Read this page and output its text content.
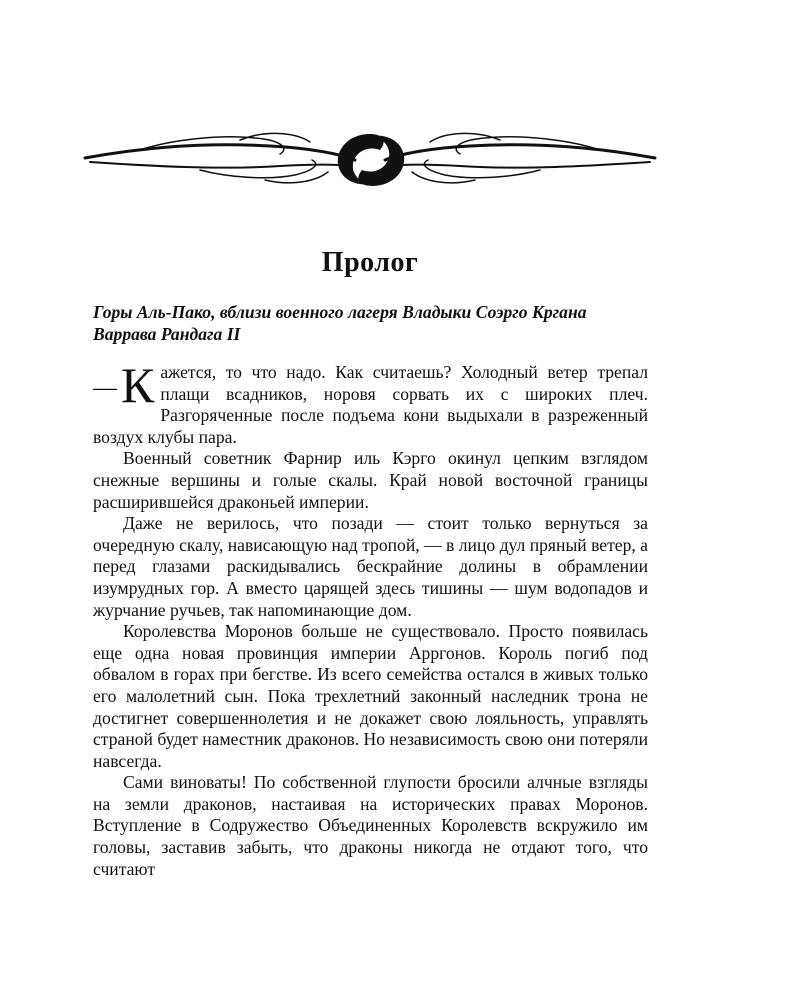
Пролог
Горы Аль-Пако, вблизи военного лагеря Владыки Соэрго Кргана Варрава Рандага II

— К ажется, то что надо. Как считаешь? Холодный ветер трепал плащи всадников, норовя сорвать их с широких плеч. Разгоряченные после подъема кони выдыхали в разреженный воздух клубы пара.

Военный советник Фарнир иль Кэрго окинул цепким взглядом снежные вершины и голые скалы. Край новой восточной границы расширившейся драконьей империи.

Даже не верилось, что позади — стоит только вернуться за очередную скалу, нависающую над тропой, — в лицо дул пряный ветер, а перед глазами раскидывались бескрайние долины в обрамлении изумрудных гор. А вместо царящей здесь тишины — шум водопадов и журчание ручьев, так напоминающие дом.

Королевства Моронов больше не существовало. Просто появилась еще одна новая провинция империи Арргонов. Король погиб под обвалом в горах при бегстве. Из всего семейства остался в живых только его малолетний сын. Пока трехлетний законный наследник трона не достигнет совершеннолетия и не докажет свою лояльность, управлять страной будет наместник драконов. Но независимость свою они потеряли навсегда.

Сами виноваты! По собственной глупости бросили алчные взгляды на земли драконов, настаивая на исторических правах Моронов. Вступление в Содружество Объединенных Королевств вскружило им головы, заставив забыть, что драконы никогда не отдают того, что считают
